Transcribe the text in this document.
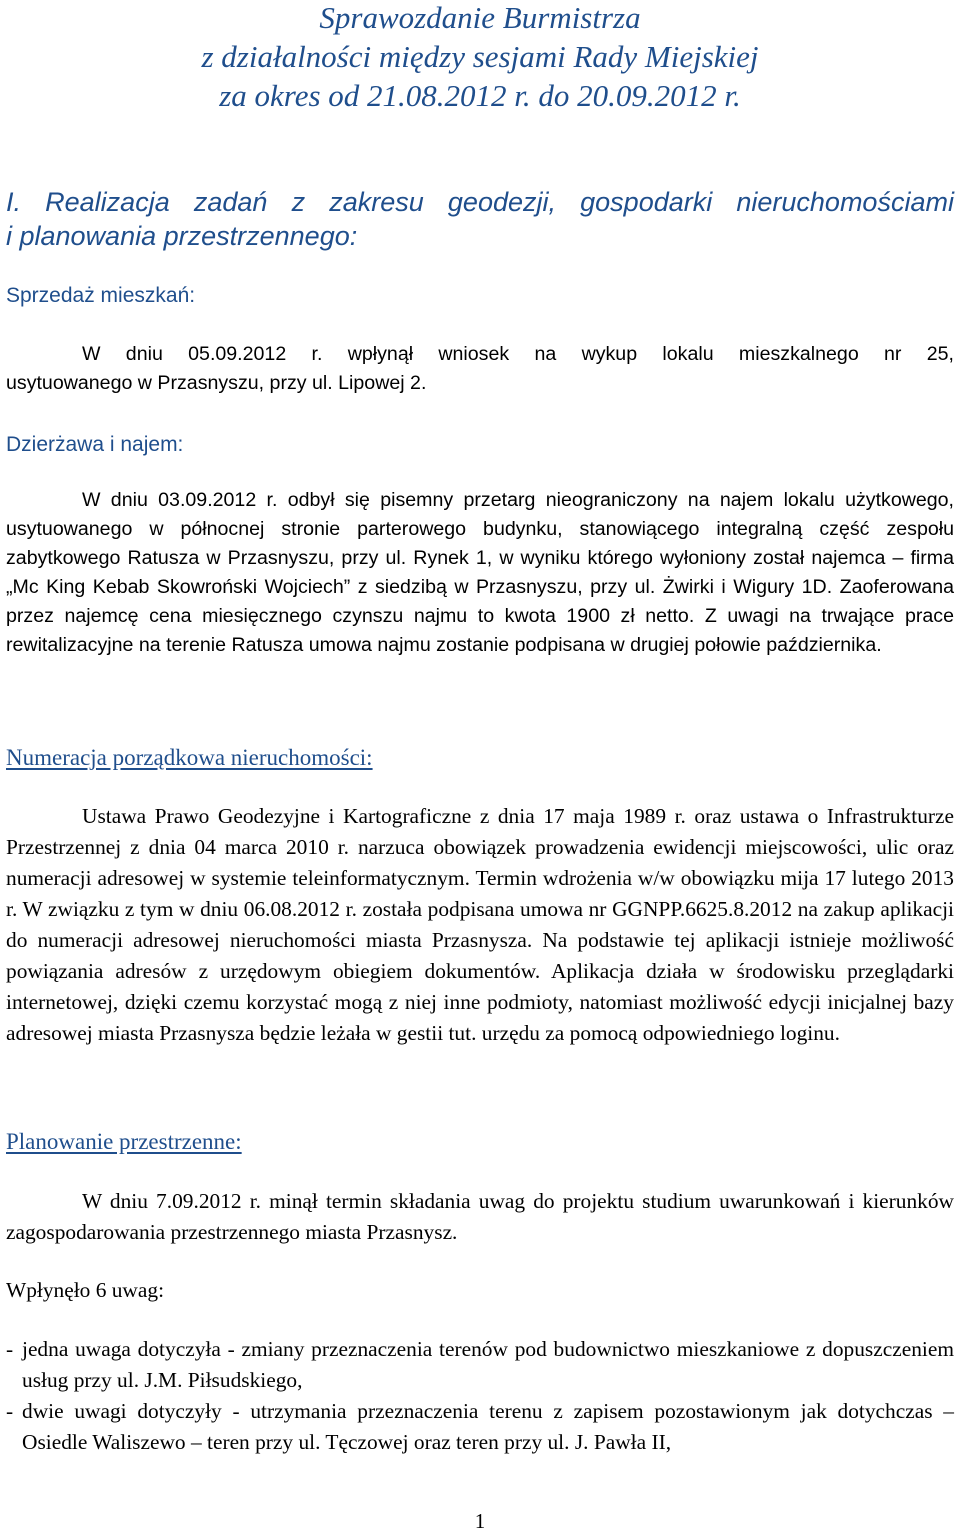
Sprawozdanie Burmistrza
z działalności między sesjami Rady Miejskiej
za okres od 21.08.2012 r. do 20.09.2012 r.
I. Realizacja zadań z zakresu geodezji, gospodarki nieruchomościami
i planowania przestrzennego:
Sprzedaż mieszkań:
W dniu 05.09.2012 r. wpłynął wniosek na wykup lokalu mieszkalnego nr 25,
usytuowanego w Przasnyszu, przy ul. Lipowej 2.
Dzierżawa i najem:
W dniu 03.09.2012 r. odbył się pisemny przetarg nieograniczony na najem lokalu użytkowego, usytuowanego w północnej stronie parterowego budynku, stanowiącego integralną część zespołu zabytkowego Ratusza w Przasnyszu, przy ul. Rynek 1, w wyniku którego wyłoniony został najemca – firma „Mc King Kebab Skowroński Wojciech” z siedzibą w Przasnyszu, przy ul. Żwirki i Wigury 1D. Zaoferowana przez najemcę cena miesięcznego czynszu najmu to kwota 1900 zł netto. Z uwagi na trwające prace rewitalizacyjne na terenie Ratusza umowa najmu zostanie podpisana w drugiej połowie października.
Numeracja porządkowa nieruchomości:
Ustawa Prawo Geodezyjne i Kartograficzne z dnia 17 maja 1989 r. oraz ustawa o Infrastrukturze Przestrzennej z dnia 04 marca 2010 r. narzuca obowiązek prowadzenia ewidencji miejscowości, ulic oraz numeracji adresowej w systemie teleinformatycznym. Termin wdrożenia w/w obowiązku mija 17 lutego 2013 r. W związku z tym w dniu 06.08.2012 r. została podpisana umowa nr GGNPP.6625.8.2012 na zakup aplikacji do numeracji adresowej nieruchomości miasta Przasnysza. Na podstawie tej aplikacji istnieje możliwość powiązania adresów z urzędowym obiegiem dokumentów. Aplikacja działa w środowisku przeglądarki internetowej, dzięki czemu korzystać mogą z niej inne podmioty, natomiast możliwość edycji inicjalnej bazy adresowej miasta Przasnysza będzie leżała w gestii tut. urzędu za pomocą odpowiedniego loginu.
Planowanie przestrzenne:
W dniu 7.09.2012 r. minął termin składania uwag do projektu studium uwarunkowań i kierunków zagospodarowania przestrzennego miasta Przasnysz.
Wpłynęło 6 uwag:
- jedna uwaga dotyczyła - zmiany przeznaczenia terenów pod budownictwo mieszkaniowe z dopuszczeniem usług przy ul. J.M. Piłsudskiego,
- dwie uwagi dotyczyły - utrzymania przeznaczenia terenu z zapisem pozostawionym jak dotychczas – Osiedle Waliszewo – teren przy ul. Tęczowej oraz teren przy ul. J. Pawła II,
1
